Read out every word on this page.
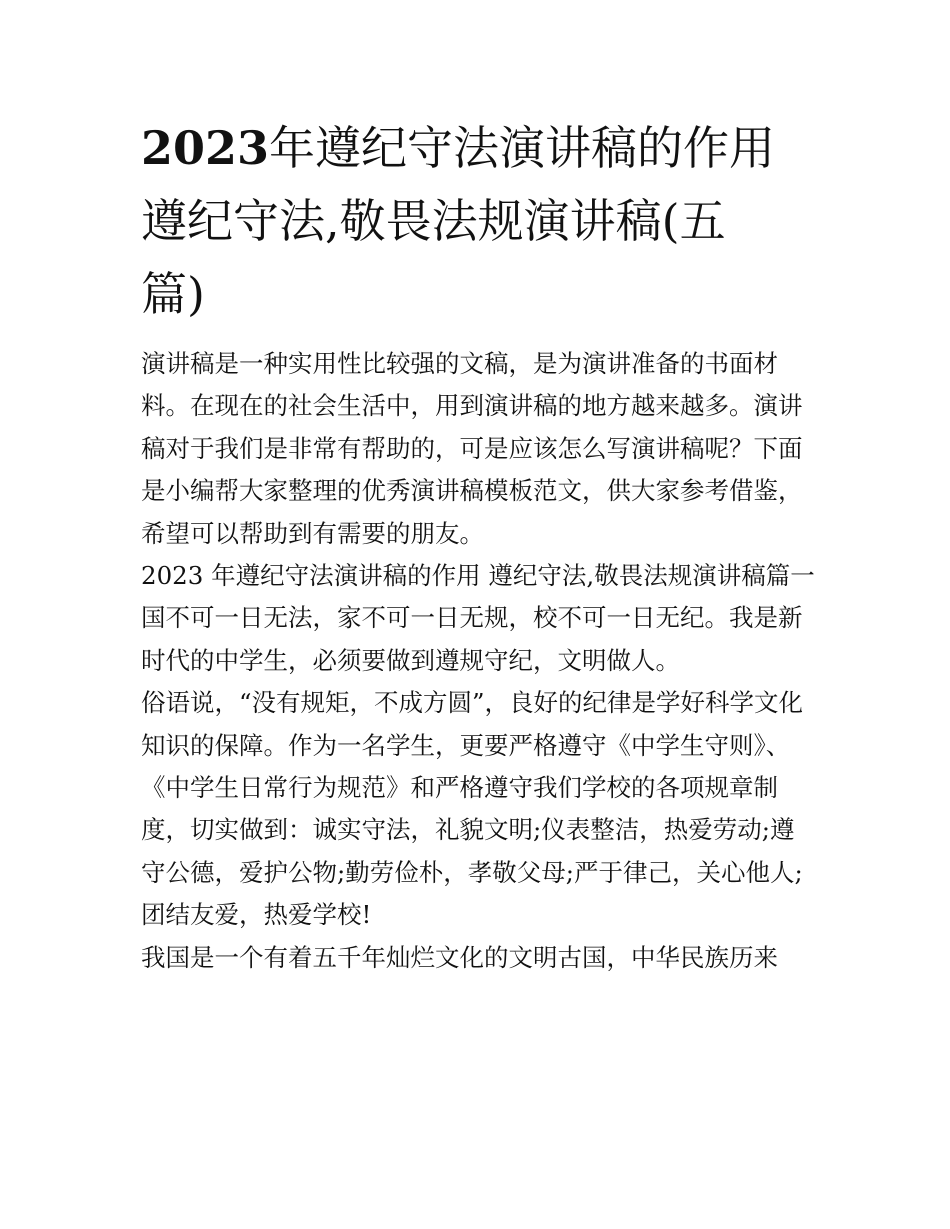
2023年遵纪守法演讲稿的作用
遵纪守法,敬畏法规演讲稿(五
篇)

演讲稿是一种实用性比较强的文稿，是为演讲准备的书面材
料。在现在的社会生活中，用到演讲稿的地方越来越多。演讲
稿对于我们是非常有帮助的，可是应该怎么写演讲稿呢？下面
是小编帮大家整理的优秀演讲稿模板范文，供大家参考借鉴，
希望可以帮助到有需要的朋友。

2023 年遵纪守法演讲稿的作用 遵纪守法,敬畏法规演讲稿篇一

国不可一日无法，家不可一日无规，校不可一日无纪。我是新
时代的中学生，必须要做到遵规守纪，文明做人。

俗语说，“没有规矩，不成方圆”，良好的纪律是学好科学文化
知识的保障。作为一名学生，更要严格遵守《中学生守则》、
《中学生日常行为规范》和严格遵守我们学校的各项规章制
度，切实做到：诚实守法，礼貌文明;仪表整洁，热爱劳动;遵
守公德，爱护公物;勤劳俭朴，孝敬父母;严于律己，关心他人;
团结友爱，热爱学校!

我国是一个有着五千年灿烂文化的文明古国，中华民族历来
